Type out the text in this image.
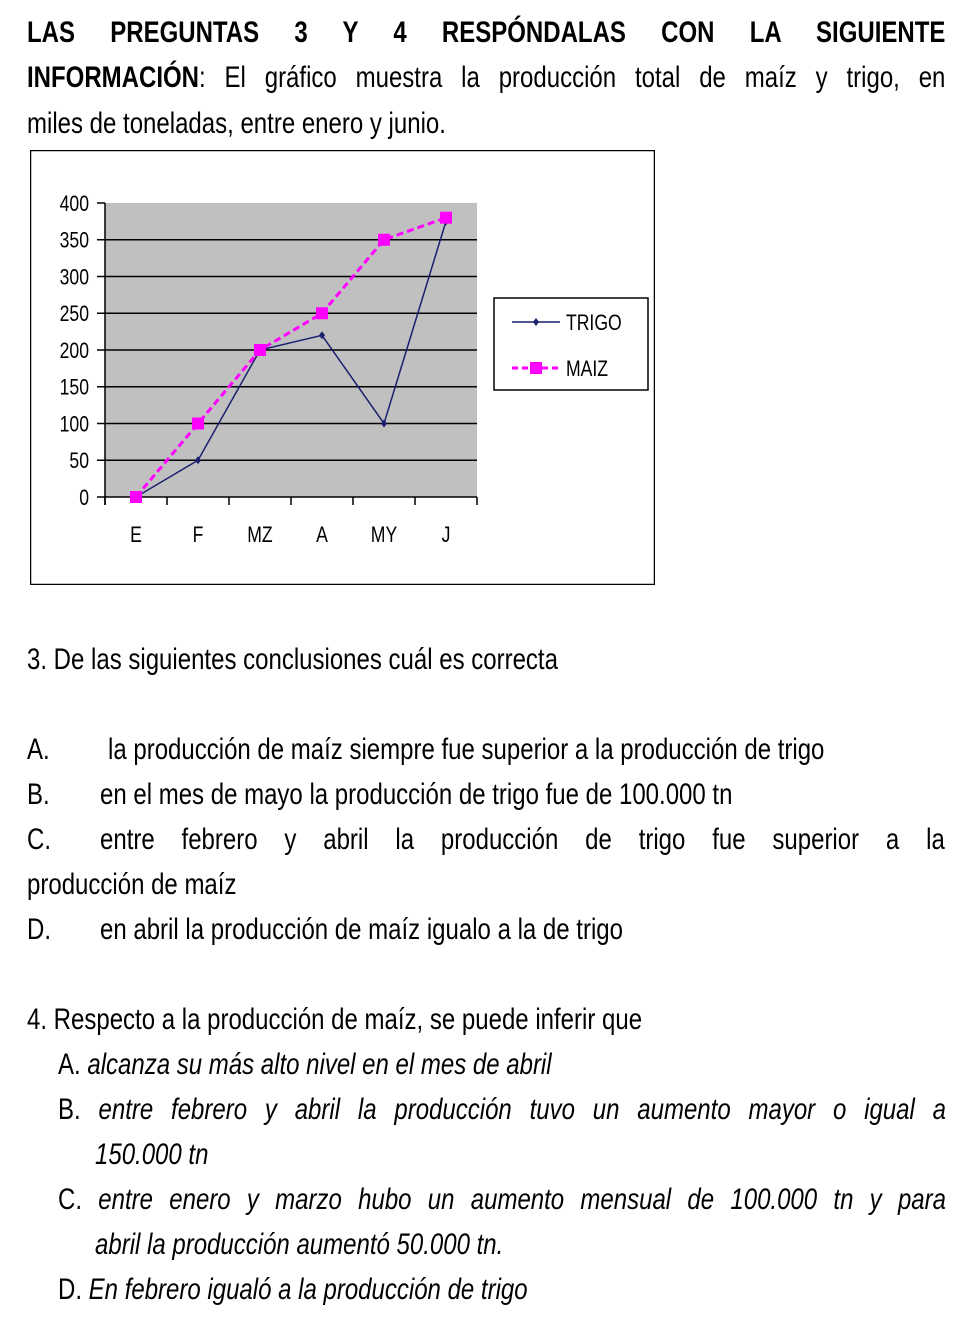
LAS PREGUNTAS 3 Y 4 RESPÓNDALAS CON LA SIGUIENTE
INFORMACIÓN: El gráfico muestra la producción total de maíz y trigo, en
miles de toneladas, entre enero y junio.
0
50
100
150
200
250
300
350
400
E F MZ A MY J
TRIGO
MAIZ
3. De las siguientes conclusiones cuál es correcta
A. la producción de maíz siempre fue superior a la producción de trigo
B. en el mes de mayo la producción de trigo fue de 100.000 tn
C. entre febrero y abril la producción de trigo fue superior a la
producción de maíz
D. en abril la producción de maíz igualo a la de trigo
4. Respecto a la producción de maíz, se puede inferir que
A. alcanza su más alto nivel en el mes de abril
B. entre febrero y abril la producción tuvo un aumento mayor o igual a
150.000 tn
C. entre enero y marzo hubo un aumento mensual de 100.000 tn y para
abril la producción aumentó 50.000 tn.
D. En febrero igualó a la producción de trigo
